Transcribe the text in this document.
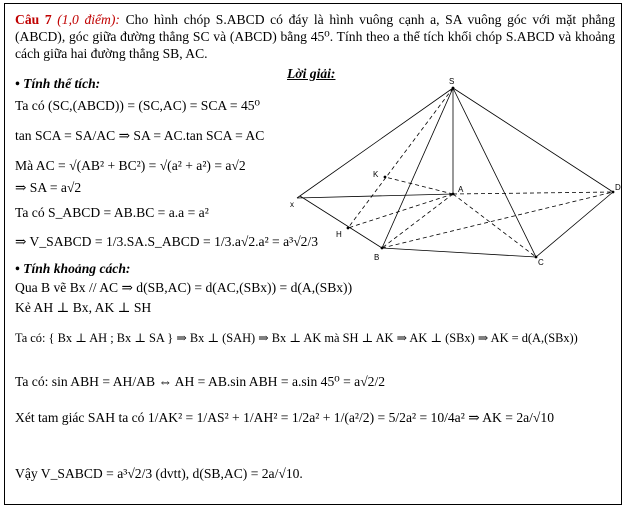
Câu 7 (1,0 điểm): Cho hình chóp S.ABCD có đáy là hình vuông cạnh a, SA vuông góc với mặt phẳng (ABCD), góc giữa đường thẳng SC và (ABCD) bằng 45⁰. Tính theo a thể tích khối chóp S.ABCD và khoảng cách giữa hai đường thẳng SB, AC.
Lời giải:
• Tính thể tích:
Ta có (SC,(ABCD)) = (SC,AC) = SCA = 45⁰
tan SCA = SA/AC ⇒ SA = AC.tan SCA = AC
Mà AC = √(AB² + BC²) = √(a² + a²) = a√2
⇒ SA = a√2
Ta có S_ABCD = AB.BC = a.a = a²
⇒ V_SABCD = 1/3.SA.S_ABCD = 1/3.a√2.a² = a³√2/3
• Tính khoảng cách:
Qua B vẽ Bx // AC ⇒ d(SB,AC) = d(AC,(SBx)) = d(A,(SBx))
Kẻ AH ⊥ Bx, AK ⊥ SH
Ta có: { Bx ⊥ AH ; Bx ⊥ SA } ⇒ Bx ⊥ (SAH) ⇒ Bx ⊥ AK mà SH ⊥ AK ⇒ AK ⊥ (SBx) ⇒ AK = d(A,(SBx))
Ta có: sin ABH = AH/AB ⇔ AH = AB.sin ABH = a.sin 45⁰ = a√2/2
Xét tam giác SAH ta có 1/AK² = 1/AS² + 1/AH² = 1/2a² + 1/(a²/2) = 5/2a² = 10/4a² ⇒ AK = 2a/√10
Vậy V_SABCD = a³√2/3 (dvtt), d(SB,AC) = 2a/√10.
S
A
B
C
D
H
K
x
